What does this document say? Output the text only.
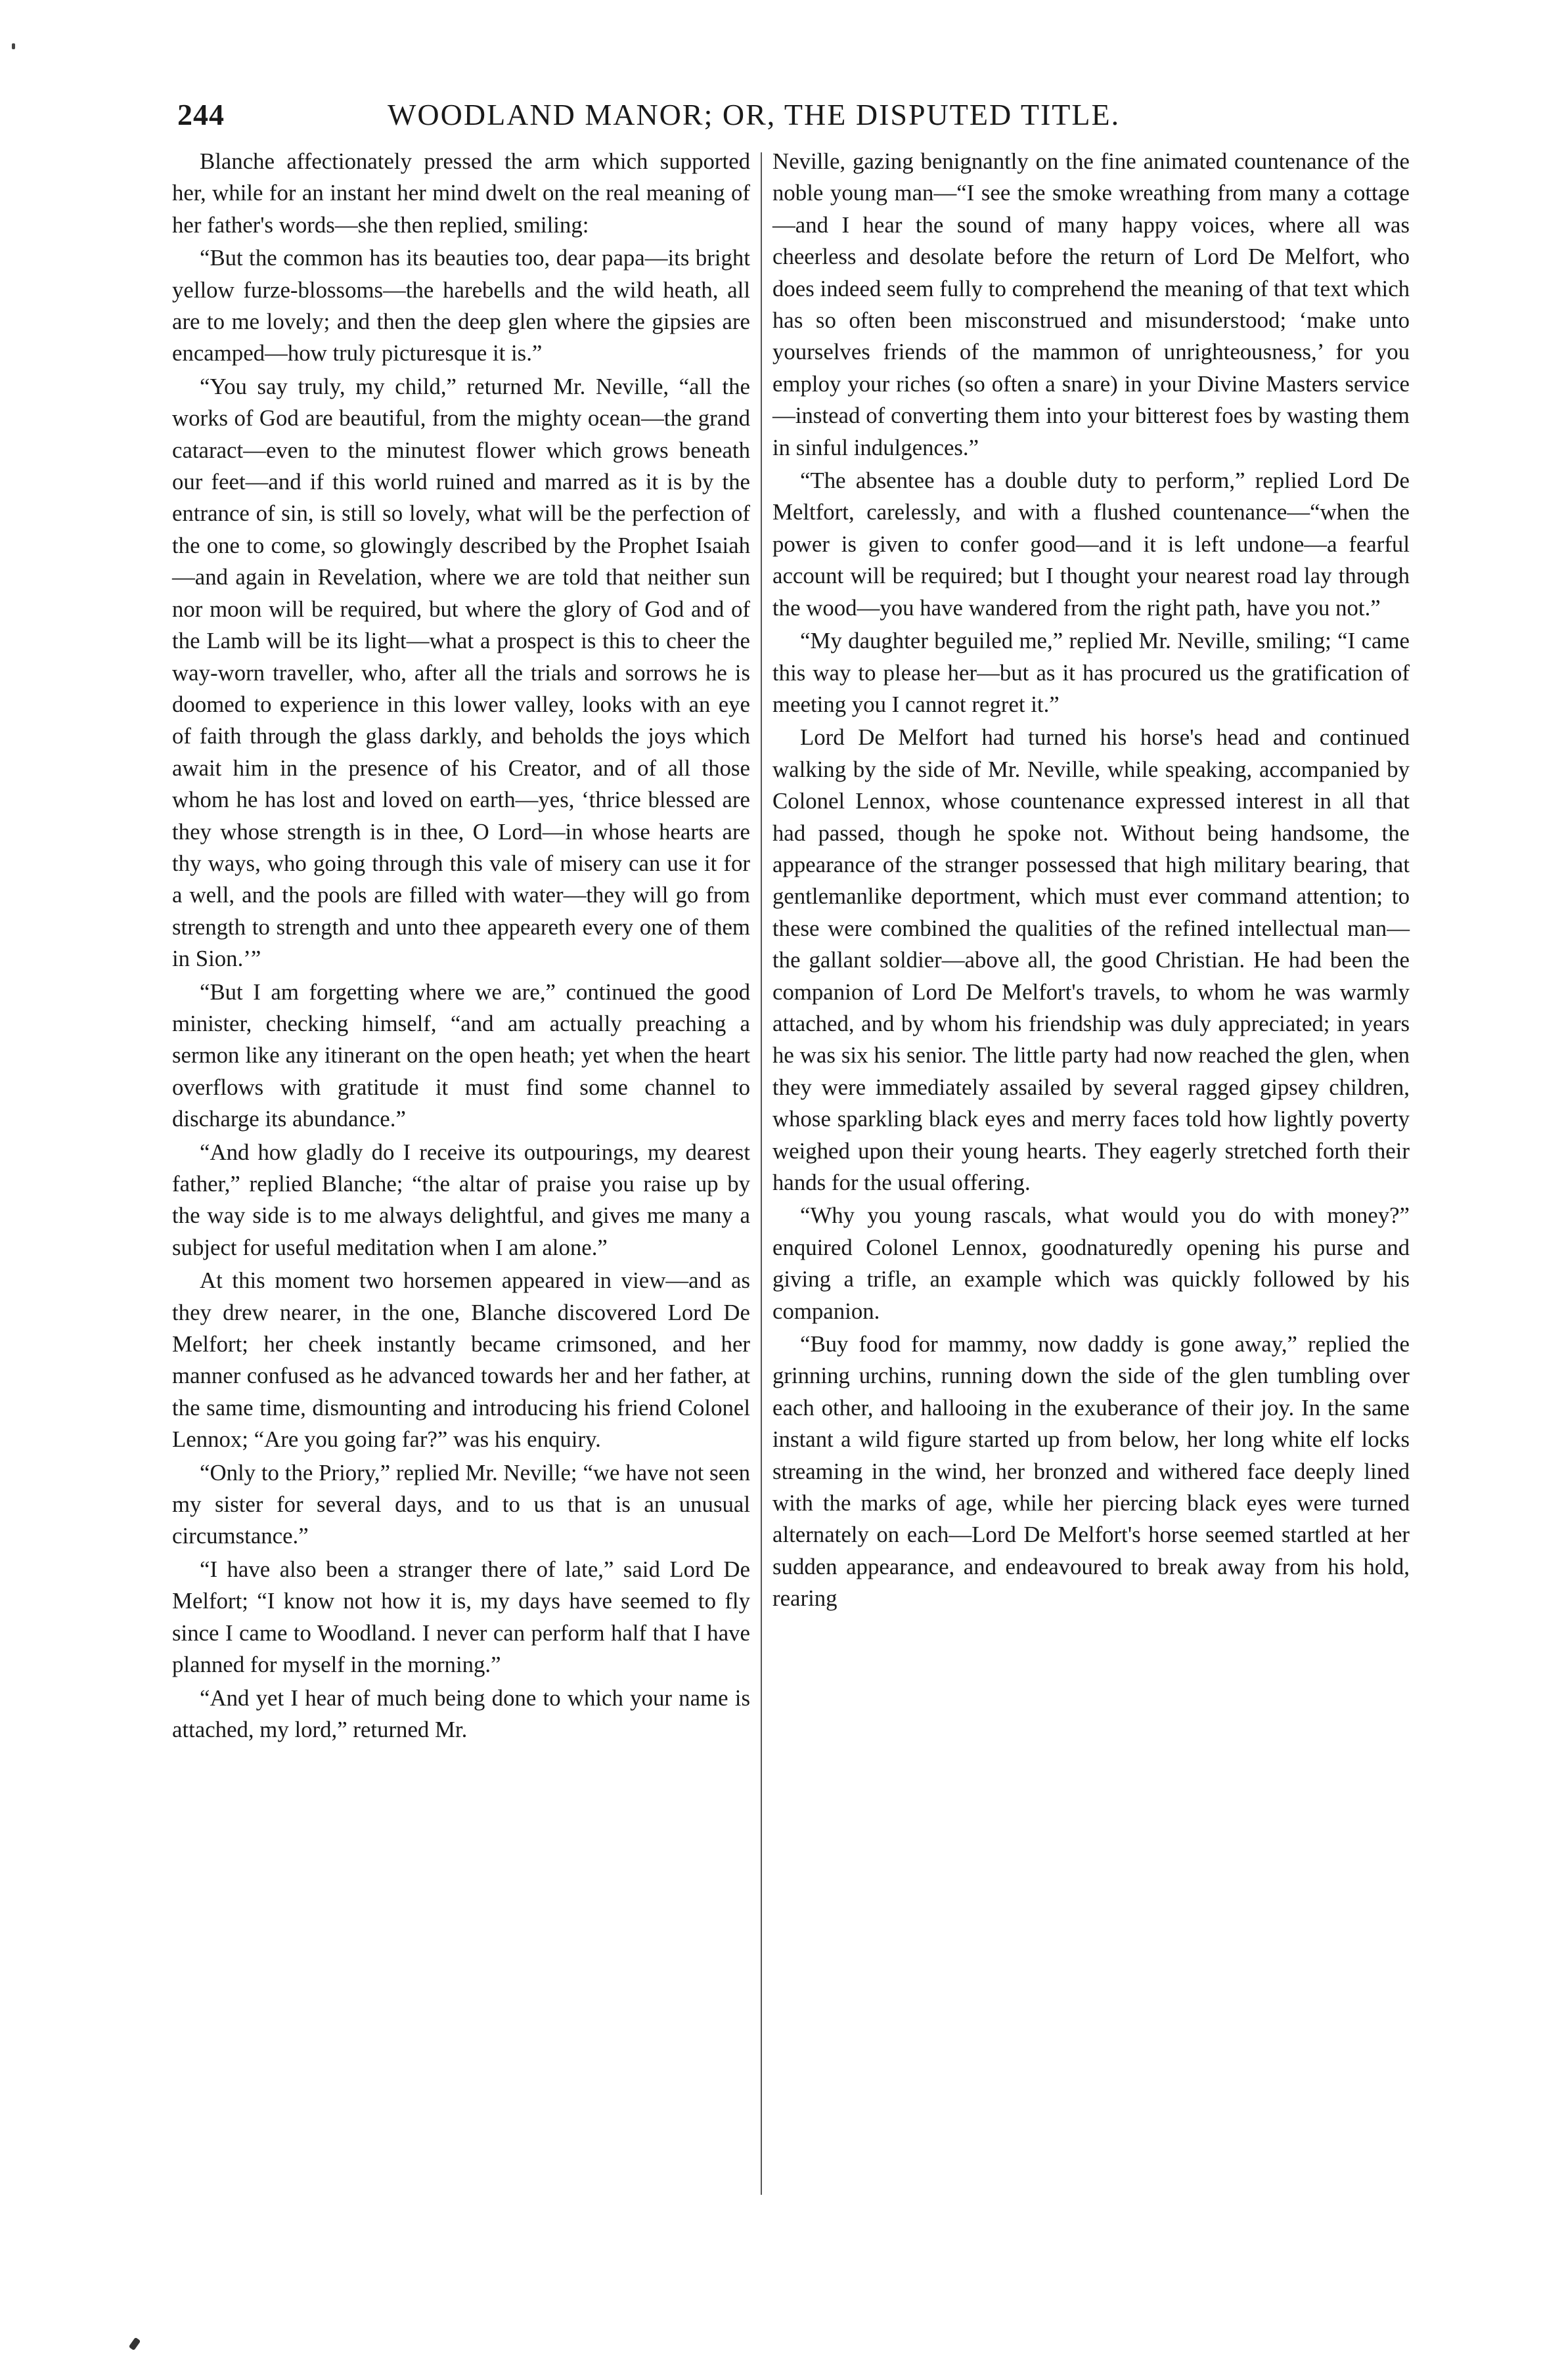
244	WOODLAND MANOR; OR, THE DISPUTED TITLE.

Blanche affectionately pressed the arm which supported her, while for an instant her mind dwelt on the real meaning of her father's words—she then replied, smiling:

“But the common has its beauties too, dear papa—its bright yellow furze-blossoms—the harebells and the wild heath, all are to me lovely; and then the deep glen where the gipsies are encamped—how truly picturesque it is.”

“You say truly, my child,” returned Mr. Neville, “all the works of God are beautiful, from the mighty ocean—the grand cataract—even to the minutest flower which grows beneath our feet—and if this world ruined and marred as it is by the entrance of sin, is still so lovely, what will be the perfection of the one to come, so glowingly described by the Prophet Isaiah—and again in Revelation, where we are told that neither sun nor moon will be required, but where the glory of God and of the Lamb will be its light—what a prospect is this to cheer the way-worn traveller, who, after all the trials and sorrows he is doomed to experience in this lower valley, looks with an eye of faith through the glass darkly, and beholds the joys which await him in the presence of his Creator, and of all those whom he has lost and loved on earth—yes, ‘thrice blessed are they whose strength is in thee, O Lord—in whose hearts are thy ways, who going through this vale of misery can use it for a well, and the pools are filled with water—they will go from strength to strength and unto thee appeareth every one of them in Sion.’”

“But I am forgetting where we are,” continued the good minister, checking himself, “and am actually preaching a sermon like any itinerant on the open heath; yet when the heart overflows with gratitude it must find some channel to discharge its abundance.”

“And how gladly do I receive its outpourings, my dearest father,” replied Blanche; “the altar of praise you raise up by the way side is to me always delightful, and gives me many a subject for useful meditation when I am alone.”

At this moment two horsemen appeared in view—and as they drew nearer, in the one, Blanche discovered Lord De Melfort; her cheek instantly became crimsoned, and her manner confused as he advanced towards her and her father, at the same time, dismounting and introducing his friend Colonel Lennox; “Are you going far?” was his enquiry.

“Only to the Priory,” replied Mr. Neville; “we have not seen my sister for several days, and to us that is an unusual circumstance.”

“I have also been a stranger there of late,” said Lord De Melfort; “I know not how it is, my days have seemed to fly since I came to Woodland. I never can perform half that I have planned for myself in the morning.”

“And yet I hear of much being done to which your name is attached, my lord,” returned Mr.

Neville, gazing benignantly on the fine animated countenance of the noble young man—“I see the smoke wreathing from many a cottage—and I hear the sound of many happy voices, where all was cheerless and desolate before the return of Lord De Melfort, who does indeed seem fully to comprehend the meaning of that text which has so often been misconstrued and misunderstood; ‘make unto yourselves friends of the mammon of unrighteousness,’ for you employ your riches (so often a snare) in your Divine Masters service—instead of converting them into your bitterest foes by wasting them in sinful indulgences.”

“The absentee has a double duty to perform,” replied Lord De Meltfort, carelessly, and with a flushed countenance—“when the power is given to confer good—and it is left undone—a fearful account will be required; but I thought your nearest road lay through the wood—you have wandered from the right path, have you not.”

“My daughter beguiled me,” replied Mr. Neville, smiling; “I came this way to please her—but as it has procured us the gratification of meeting you I cannot regret it.”

Lord De Melfort had turned his horse's head and continued walking by the side of Mr. Neville, while speaking, accompanied by Colonel Lennox, whose countenance expressed interest in all that had passed, though he spoke not. Without being handsome, the appearance of the stranger possessed that high military bearing, that gentlemanlike deportment, which must ever command attention; to these were combined the qualities of the refined intellectual man—the gallant soldier—above all, the good Christian. He had been the companion of Lord De Melfort's travels, to whom he was warmly attached, and by whom his friendship was duly appreciated; in years he was six his senior. The little party had now reached the glen, when they were immediately assailed by several ragged gipsey children, whose sparkling black eyes and merry faces told how lightly poverty weighed upon their young hearts. They eagerly stretched forth their hands for the usual offering.

“Why you young rascals, what would you do with money?” enquired Colonel Lennox, goodnaturedly opening his purse and giving a trifle, an example which was quickly followed by his companion.

“Buy food for mammy, now daddy is gone away,” replied the grinning urchins, running down the side of the glen tumbling over each other, and hallooing in the exuberance of their joy. In the same instant a wild figure started up from below, her long white elf locks streaming in the wind, her bronzed and withered face deeply lined with the marks of age, while her piercing black eyes were turned alternately on each—Lord De Melfort's horse seemed startled at her sudden appearance, and endeavoured to break away from his hold, rearing
